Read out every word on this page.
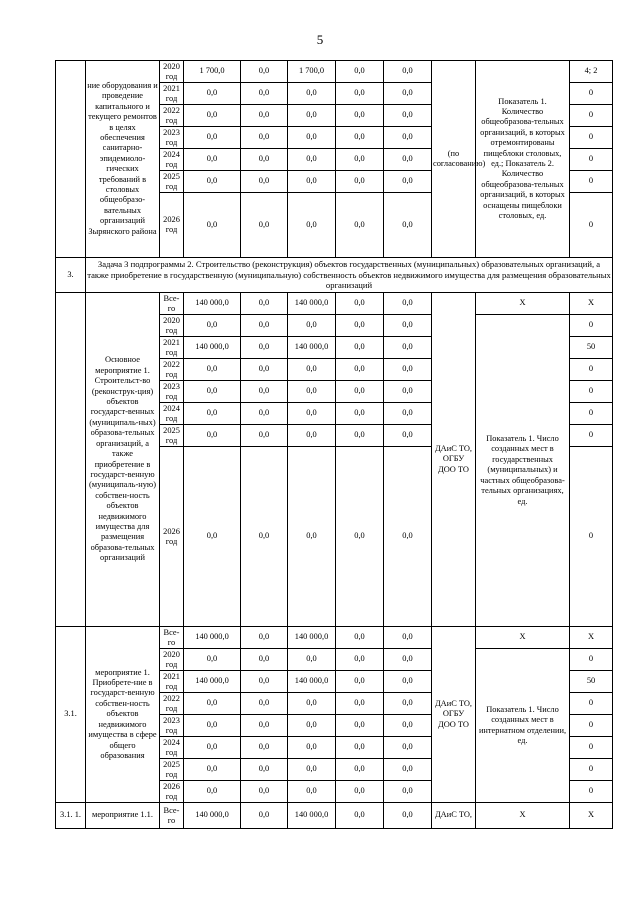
5
	ние оборудования и проведение капитального и текущего ремонтов в целях обеспечения санитарно-эпидемиоло-гических требований в столовых общеобразо-вательных организаций Зырянского района	2020 год	1 700,0	0,0	1 700,0	0,0	0,0	(по согласованию)	Показатель 1. Количество общеобразова-тельных организаций, в которых отремонтированы пищеблоки столовых, ед.; Показатель 2. Количество общеобразова-тельных организаций, в которых оснащены пищеблоки столовых, ед.	4; 2
		2021 год	0,0	0,0	0,0	0,0	0,0			0
		2022 год	0,0	0,0	0,0	0,0	0,0			0
		2023 год	0,0	0,0	0,0	0,0	0,0			0
		2024 год	0,0	0,0	0,0	0,0	0,0			0
		2025 год	0,0	0,0	0,0	0,0	0,0			0
		2026 год	0,0	0,0	0,0	0,0	0,0			0
3.	Задача 3 подпрограммы 2. Строительство (реконструкция) объектов государственных (муниципальных) образовательных организаций, а также приобретение в государственную (муниципальную) собственность объектов недвижимого имущества для размещения образовательных организаций									
	Основное мероприятие 1. Строительст-во (реконструк-ция) объектов государст-венных (муниципаль-ных) образова-тельных организаций, а также приобретение в государст-венную (муниципаль-ную) собствен-ность объектов недвижимого имущества для размещения образова-тельных организаций	Все-го	140 000,0	0,0	140 000,0	0,0	0,0	ДАиС ТО, ОГБУ ДОО ТО	Х	Х
		2020 год	0,0	0,0	0,0	0,0	0,0		Показатель 1. Число созданных мест в государственных (муниципальных) и частных общеобразова-тельных организациях, ед.	0
		2021 год	140 000,0	0,0	140 000,0	0,0	0,0			50
		2022 год	0,0	0,0	0,0	0,0	0,0			0
		2023 год	0,0	0,0	0,0	0,0	0,0			0
		2024 год	0,0	0,0	0,0	0,0	0,0			0
		2025 год	0,0	0,0	0,0	0,0	0,0			0
		2026 год	0,0	0,0	0,0	0,0	0,0			0
3.1.	мероприятие 1. Приобрете-ние в государст-венную собствен-ность объектов недвижимого имущества в сфере общего образования	Все-го	140 000,0	0,0	140 000,0	0,0	0,0	ДАиС ТО, ОГБУ ДОО ТО	Х	Х
		2020 год	0,0	0,0	0,0	0,0	0,0		Показатель 1. Число созданных мест в интернатном отделении, ед.	0
		2021 год	140 000,0	0,0	140 000,0	0,0	0,0			50
		2022 год	0,0	0,0	0,0	0,0	0,0			0
		2023 год	0,0	0,0	0,0	0,0	0,0			0
		2024 год	0,0	0,0	0,0	0,0	0,0			0
		2025 год	0,0	0,0	0,0	0,0	0,0			0
		2026 год	0,0	0,0	0,0	0,0	0,0			0
3.1. 1.	мероприятие 1.1.	Все-го	140 000,0	0,0	140 000,0	0,0	0,0	ДАиС ТО,	Х	Х
